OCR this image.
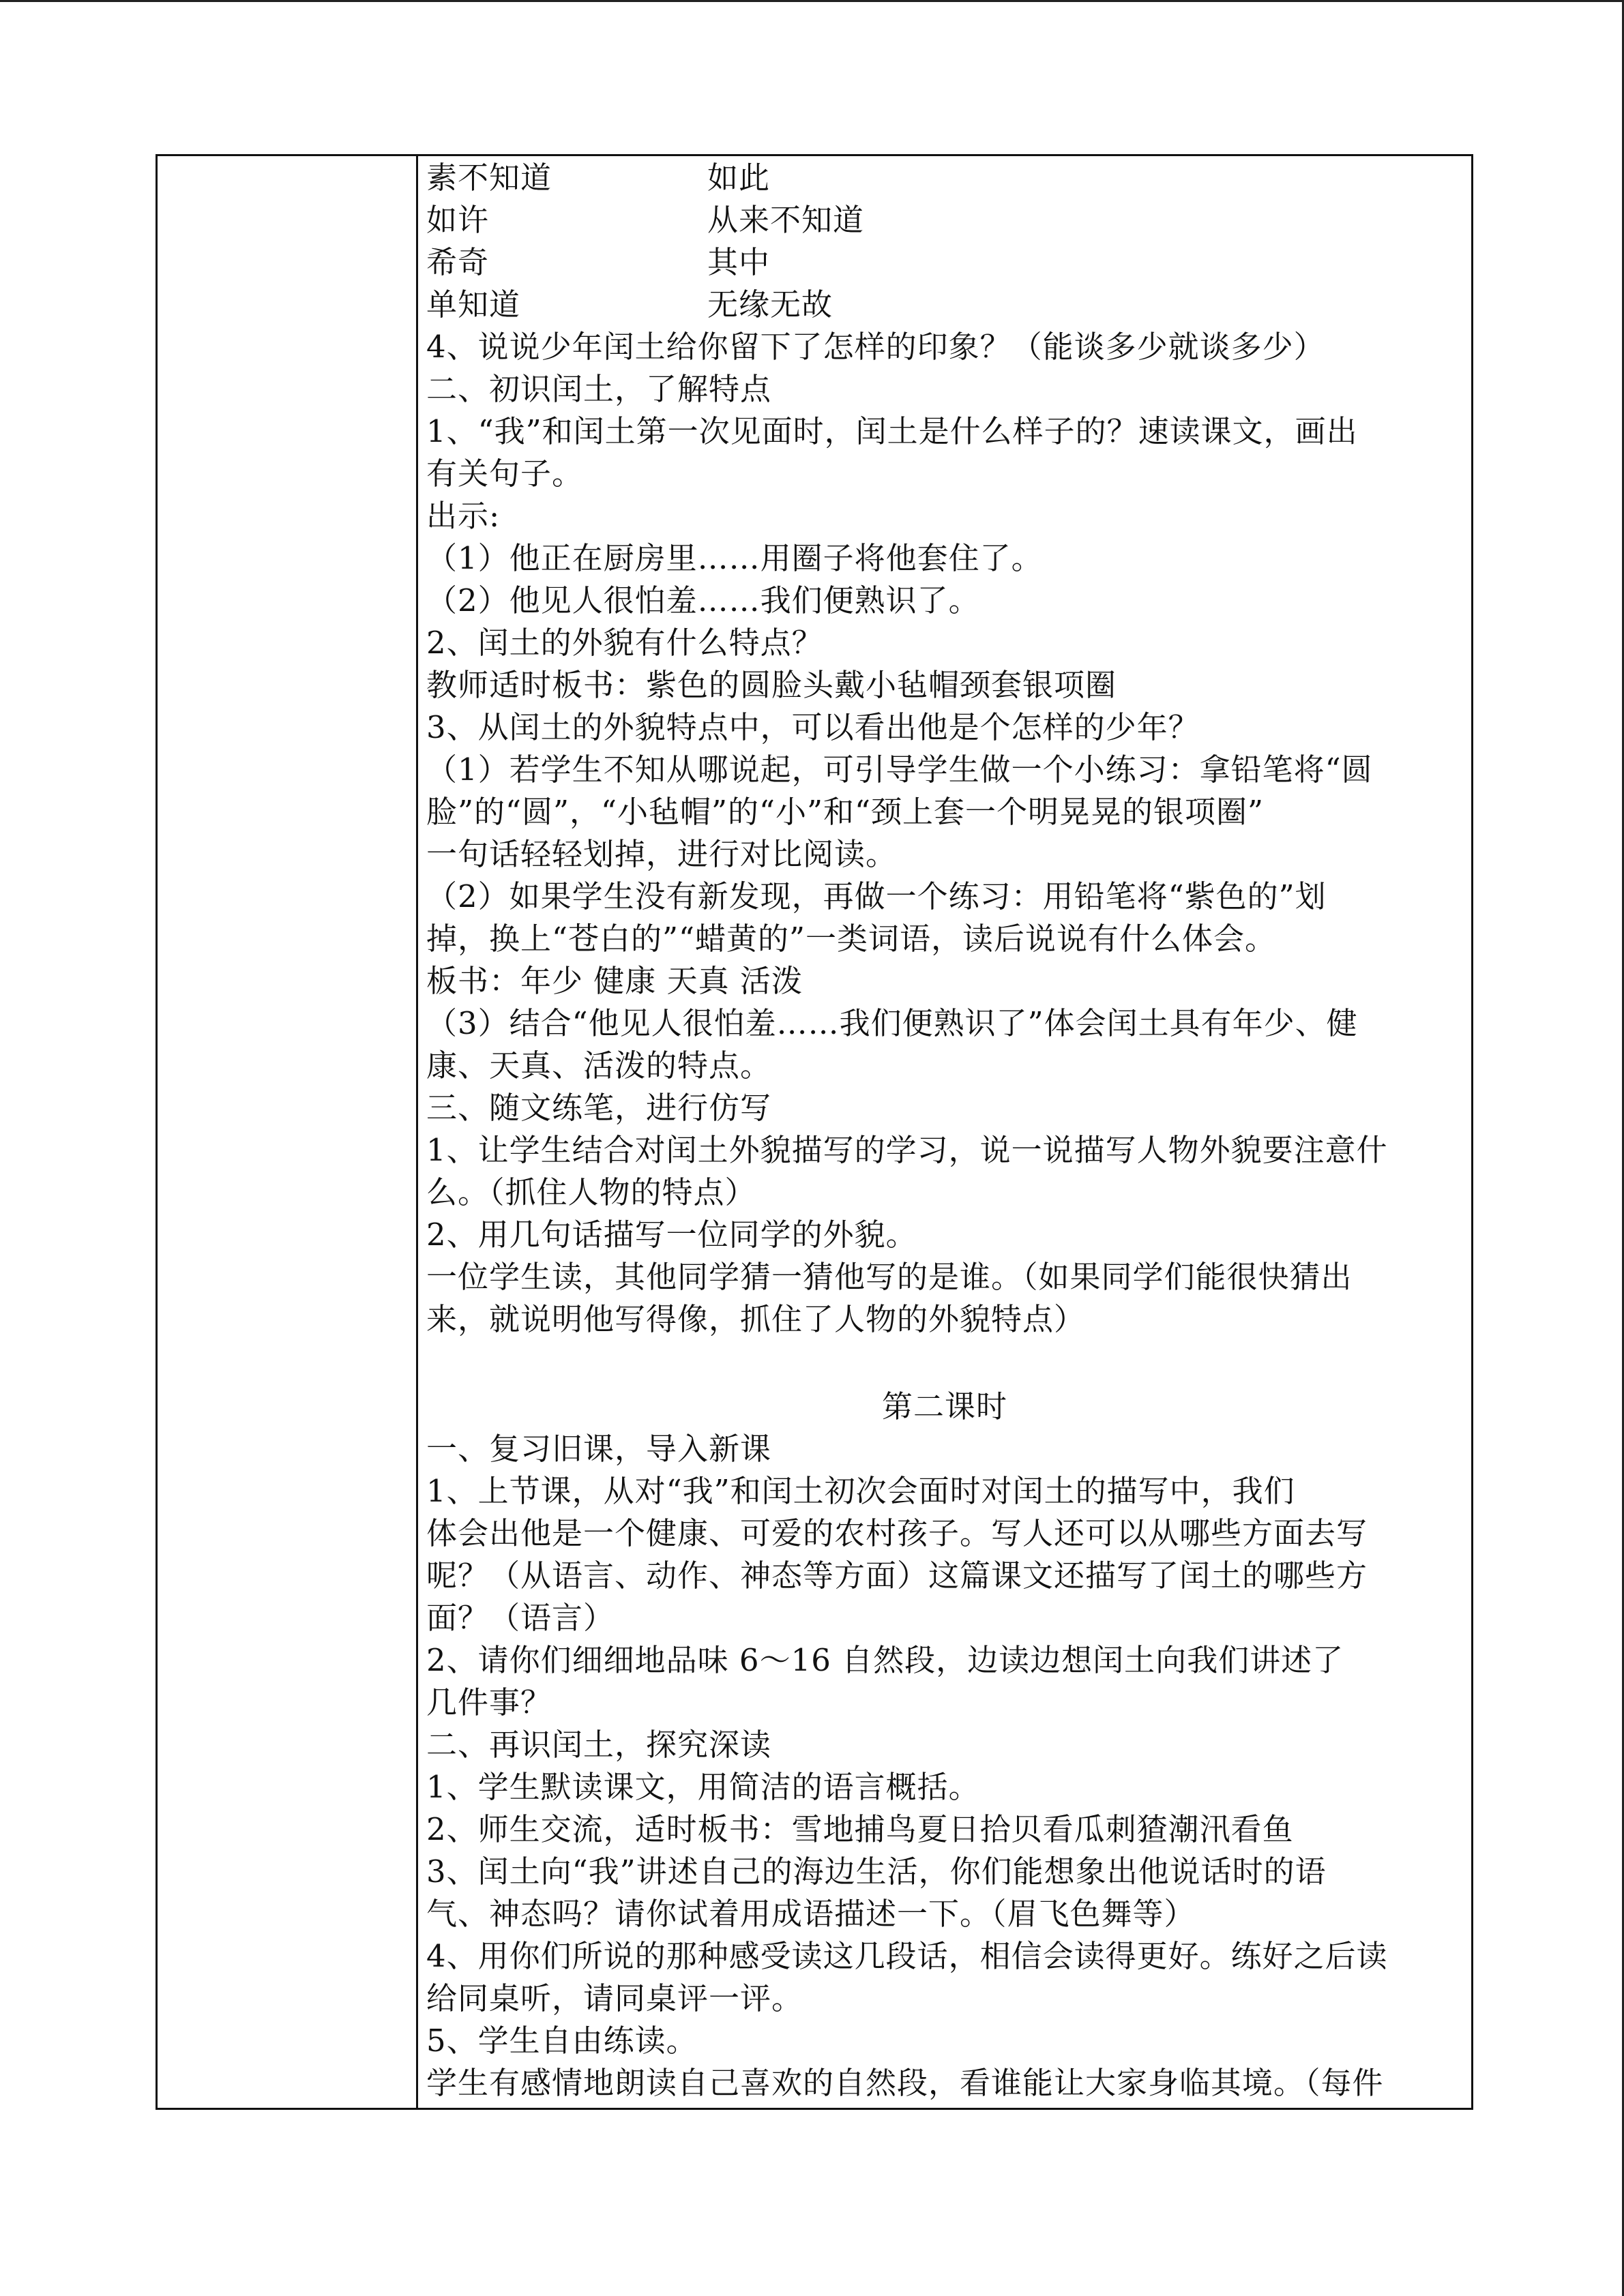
素不知道	如此
如许	从来不知道
希奇	其中
单知道	无缘无故
4、说说少年闰土给你留下了怎样的印象？（能谈多少就谈多少）
二、初识闰土，了解特点
1、“我”和闰土第一次见面时，闰土是什么样子的？速读课文，画出
有关句子。
出示:
（1）他正在厨房里……用圈子将他套住了。
（2）他见人很怕羞……我们便熟识了。
2、闰土的外貌有什么特点？
教师适时板书：紫色的圆脸头戴小毡帽颈套银项圈
3、从闰土的外貌特点中，可以看出他是个怎样的少年？
（1）若学生不知从哪说起，可引导学生做一个小练习：拿铅笔将“圆
脸”的“圆”，“小毡帽”的“小”和“颈上套一个明晃晃的银项圈”
一句话轻轻划掉，进行对比阅读。
（2）如果学生没有新发现，再做一个练习：用铅笔将“紫色的”划
掉，换上“苍白的”“蜡黄的”一类词语，读后说说有什么体会。
板书：年少 健康 天真 活泼
（3）结合“他见人很怕羞……我们便熟识了”体会闰土具有年少、健
康、天真、活泼的特点。
三、随文练笔，进行仿写
1、让学生结合对闰土外貌描写的学习，说一说描写人物外貌要注意什
么。（抓住人物的特点）
2、用几句话描写一位同学的外貌。
一位学生读，其他同学猜一猜他写的是谁。（如果同学们能很快猜出
来，就说明他写得像，抓住了人物的外貌特点）
第二课时
一、复习旧课，导入新课
1、上节课，从对“我”和闰土初次会面时对闰土的描写中，我们
体会出他是一个健康、可爱的农村孩子。写人还可以从哪些方面去写
呢？（从语言、动作、神态等方面）这篇课文还描写了闰土的哪些方
面？（语言）
2、请你们细细地品味 6～16 自然段，边读边想闰土向我们讲述了
几件事？
二、再识闰土，探究深读
1、学生默读课文，用简洁的语言概括。
2、师生交流，适时板书：雪地捕鸟夏日拾贝看瓜刺猹潮汛看鱼
3、闰土向“我”讲述自己的海边生活，你们能想象出他说话时的语
气、神态吗？请你试着用成语描述一下。（眉飞色舞等）
4、用你们所说的那种感受读这几段话，相信会读得更好。练好之后读
给同桌听，请同桌评一评。
5、学生自由练读。
学生有感情地朗读自己喜欢的自然段，看谁能让大家身临其境。（每件
